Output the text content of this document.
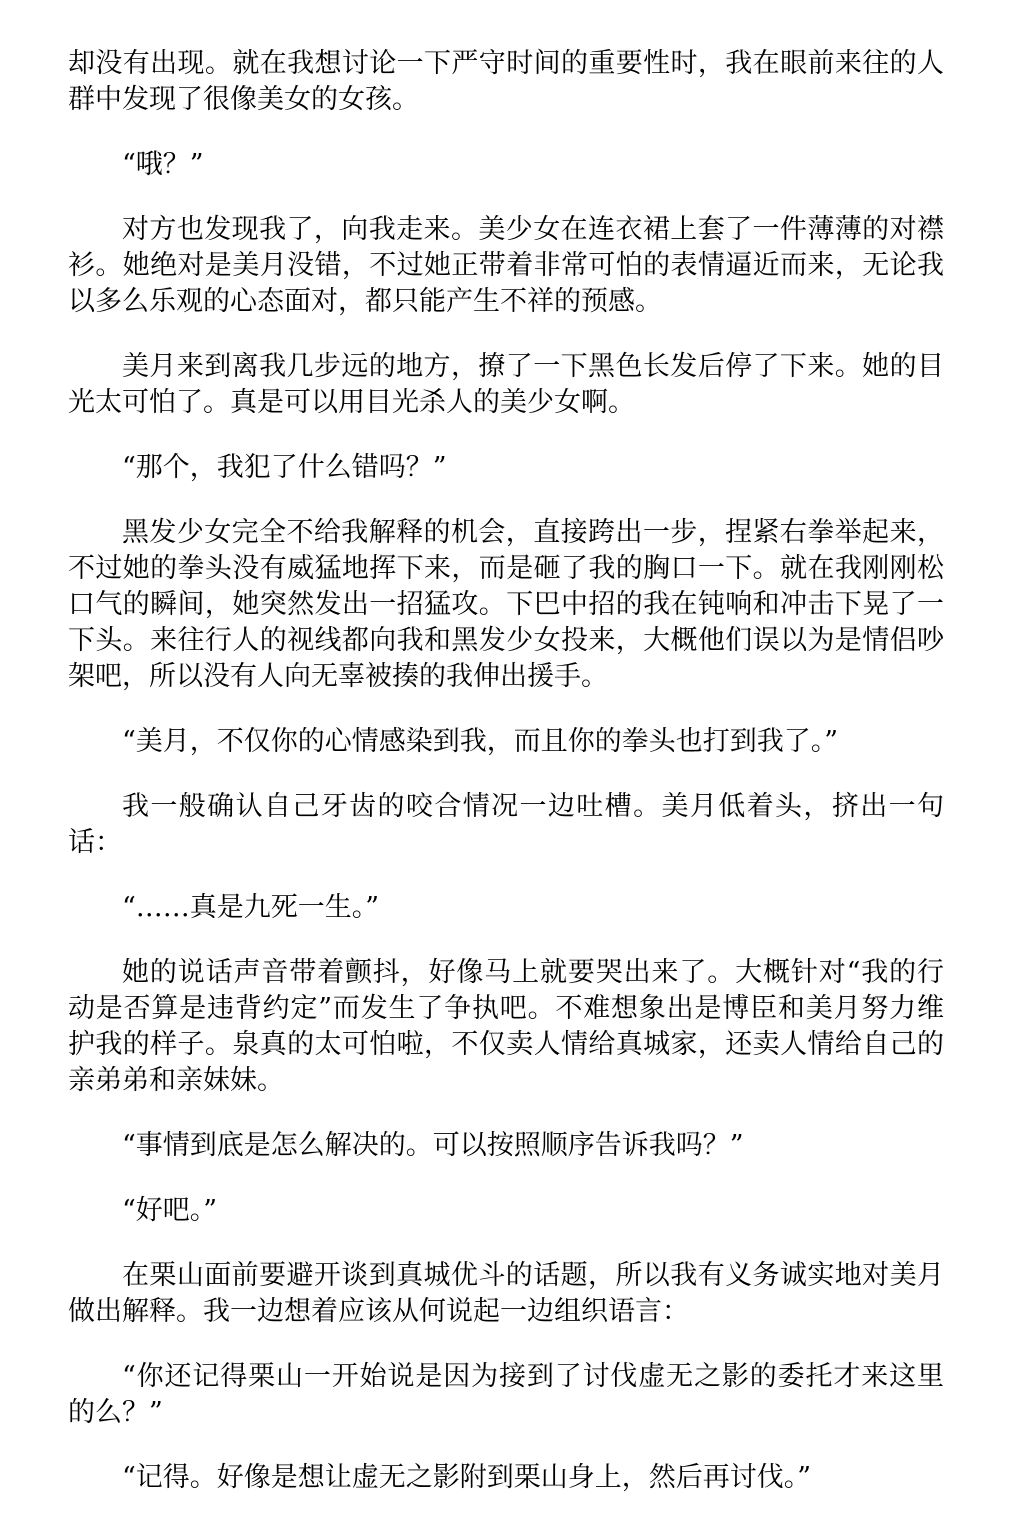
却没有出现。就在我想讨论一下严守时间的重要性时，我在眼前来往的人群中发现了很像美女的女孩。

“哦？”

对方也发现我了，向我走来。美少女在连衣裙上套了一件薄薄的对襟衫。她绝对是美月没错，不过她正带着非常可怕的表情逼近而来，无论我以多么乐观的心态面对，都只能产生不祥的预感。

美月来到离我几步远的地方，撩了一下黑色长发后停了下来。她的目光太可怕了。真是可以用目光杀人的美少女啊。

“那个，我犯了什么错吗？”

黑发少女完全不给我解释的机会，直接跨出一步，捏紧右拳举起来，不过她的拳头没有威猛地挥下来，而是砸了我的胸口一下。就在我刚刚松口气的瞬间，她突然发出一招猛攻。下巴中招的我在钝响和冲击下晃了一下头。来往行人的视线都向我和黑发少女投来，大概他们误以为是情侣吵架吧，所以没有人向无辜被揍的我伸出援手。

“美月，不仅你的心情感染到我，而且你的拳头也打到我了。”

我一般确认自己牙齿的咬合情况一边吐槽。美月低着头，挤出一句话：

“……真是九死一生。”

她的说话声音带着颤抖，好像马上就要哭出来了。大概针对“我的行动是否算是违背约定”而发生了争执吧。不难想象出是博臣和美月努力维护我的样子。泉真的太可怕啦，不仅卖人情给真城家，还卖人情给自己的亲弟弟和亲妹妹。

“事情到底是怎么解决的。可以按照顺序告诉我吗？”

“好吧。”

在栗山面前要避开谈到真城优斗的话题，所以我有义务诚实地对美月做出解释。我一边想着应该从何说起一边组织语言：

“你还记得栗山一开始说是因为接到了讨伐虚无之影的委托才来这里的么？”

“记得。好像是想让虚无之影附到栗山身上，然后再讨伐。”
